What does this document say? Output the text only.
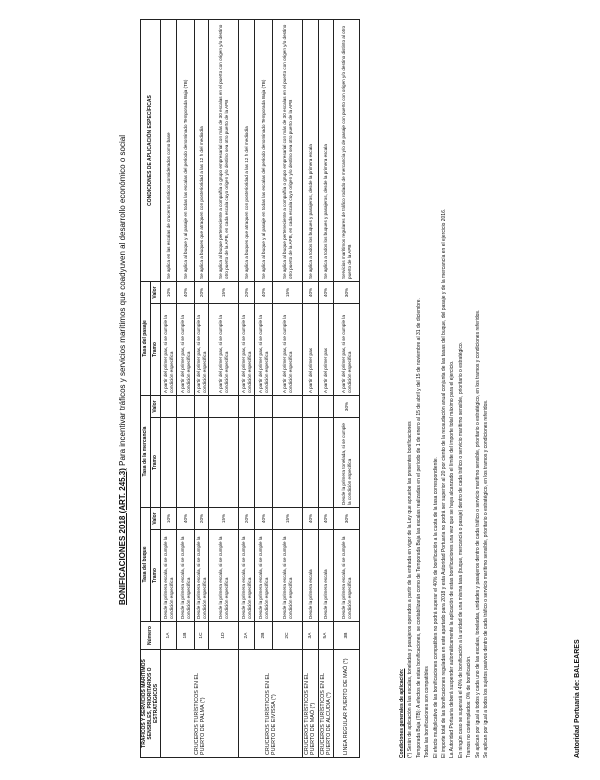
Autoridad Portuaria de: BALEARES
BONIFICACIONES 2018 (ART. 245.3) Para incentivar tráficos y servicios marítimos que coadyuven al desarrollo económico o social
TRÁFICOS Y SERVICIOS MARÍTIMOS SENSIBLES, PRIORITARIOS O ESTRATÉGICOS	Número	Tasa del buque		Tasa de la mercancía		Tasa del pasaje		CONDICIONES DE APLICACIÓN ESPECÍFICAS
		Tramo	Valor	Tramo	Valor	Tramo	Valor	
CRUCEROS TURÍSTICOS EN EL PUERTO DE PALMA (*)	1A	Desde la primera escala, si se cumple la condición específica	10%			A partir del primer pax, si se cumple la condición específica	10%	Se aplica en las escalas de cruceros turísticos considerados como base
	1B	Desde la primera escala, si se cumple la condición específica	40%			A partir del primer pax, si se cumple la condición específica	40%	Se aplica al buque y al pasaje en todas las escalas del periodo denominado Temporada Baja (TB)
	1C	Desde la primera escala, si se cumple la condición específica	20%			A partir del primer pax, si se cumple la condición específica	20%	Se aplica a buques que atraquen con posterioridad a las 12 h del mediodía
	1D	Desde la primera escala, si se cumple la condición específica	15%			A partir del primer pax, si se cumple la condición específica	15%	Se aplica al buque perteneciente a compañía o grupo empresarial con más de 30 escalas en el puerto con origen y/o destino otro puerto de la APB, en cada escala cuyo origen y/o destino sea otro puerto de la APB
CRUCEROS TURÍSTICOS EN EL PUERTO DE EIVISSA (*)	2A	Desde la primera escala, si se cumple la condición específica	20%			A partir del primer pax, si se cumple la condición específica	20%	Se aplica a buques que atraquen con posterioridad a las 12 h del mediodía
	2B	Desde la primera escala, si se cumple la condición específica	40%			A partir del primer pax, si se cumple la condición específica	40%	Se aplica al buque y al pasaje en todas las escalas del periodo denominado Temporada Baja (TB)
	2C	Desde la primera escala, si se cumple la condición específica	15%			A partir del primer pax, si se cumple la condición específica	15%	Se aplica al buque perteneciente a compañía o grupo empresarial con más de 30 escalas en el puerto con origen y/o destino otro puerto de la APB, en cada escala cuyo origen y/o destino sea otro puerto de la APB
CRUCEROS TURÍSTICOS EN EL PUERTO DE MAÓ (*)	3A	Desde la primera escala	40%			A partir del primer pax	40%	Se aplica a todos los buques y pasajeros, desde la primera escala
CRUCEROS TURÍSTICOS EN EL PUERTO DE ALCUDIA (*)	5A	Desde la primera escala	40%			A partir del primer pax	40%	Se aplica a todos los buques y pasajeros, desde la primera escala
LINEA REGULAR PUERTO DE MAÓ (*)	3B	Desde la primera escala, si se cumple la condición específica	30%	Desde la primera tonelada, si se cumple la condición específica	30%	A partir del primer pax, si se cumple la condición específica	30%	Servicios marítimos regulares de tráfico rodado de mercancía y/o de pasaje con puerto con origen y/o destino distinto al otro puerto de la APB
Condiciones generales de aplicación: (*) Serán de aplicación a las escalas, toneladas y pasajeros operados a partir de la entrada en vigor de la Ley que apruebe las presentes bonificaciones Temporada Baja (TB): A efectos de estas bonificaciones, se contabilizarán como de Temporada Baja las escalas realizadas en el período de 1 de enero al 15 de abril y del 15 de noviembre al 31 de diciembre. Todas las bonificaciones son compatibles El efecto multiplicativo de las bonificaciones compatibles no podrá superar el 40% de bonificación a la cuota de la tasa correspondiente. El importe total de las bonificaciones reguladas en este apartado para 2018 y esta Autoridad Portuaria no podrá ser superior al 20 por ciento de la recaudación anual conjunta de las tasas del buque, del pasaje y de la mercancía en el ejercicio 2016. La Autoridad Portuaria deberá suspender automáticamente la aplicación de estas bonificaciones una vez que se haya alcanzado el límite del importe total máximo para el ejercicio. En ningún caso se superará el 40% de bonificación a la unidad de una misma tasa (buque, mercancía o pasaje) dentro de cada tráfico o servicio marítimo sensible, prioritario o estratégico. Tramos no contemplados: 0% de bonificación. Se aplican por igual a todos y cada uno de las escalas, toneladas, unidades y pasajeros dentro de cada tráfico o servicio marítimo sensible, prioritario o estratégico, en los tramos y condiciones referidos. Se aplican por igual a todos los sujetos pasivos dentro de cada tráfico o servicio marítimo sensible, prioritario o estratégico, en los tramos y condiciones referidos.
